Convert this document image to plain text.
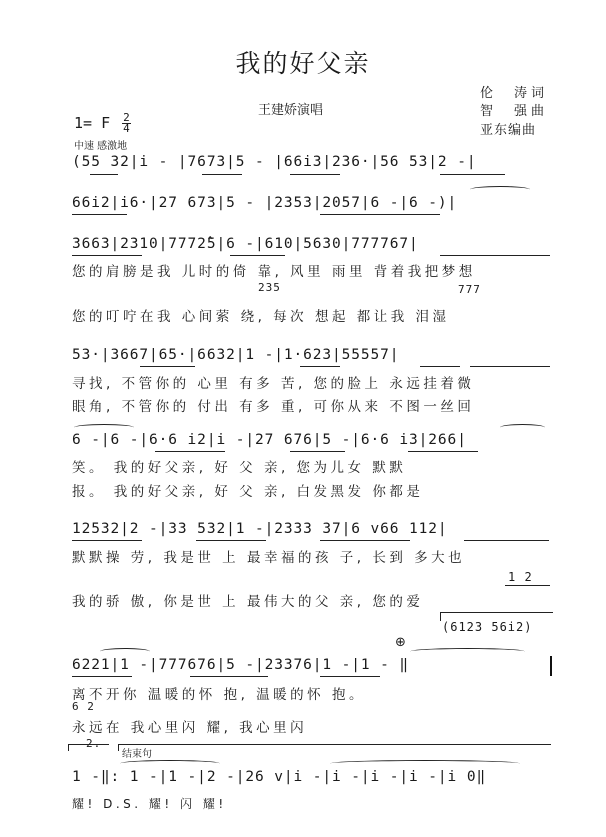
我的好父亲
伦　涛词
智　强曲
亚东编曲
王建娇演唱
1= F $\frac{2}{4}$
中速 感激地
(55 32|i - |7673|5 - |66i3|236·|56 53|2 -|
66i2|i6·|27 673|5 - |2353|2057|6 -|6 -)|
3663|2310|7772̂5|6 -|610|5630|777767|
您的肩膀是我 儿时的倚 靠, 风里 雨里 背着我把梦想
235	777
您的叮咛在我 心间萦 绕, 每次 想起 都让我 泪湿
53·|3667|65·|6632|1 -|1·623|55557|
寻找, 不管你的 心里 有多 苦, 您的脸上 永远挂着微
眼角, 不管你的 付出 有多 重, 可你从来 不图一丝回
6 -|6 -|6·6 i2|i -|27 676|5 -|6·6 i3|266|
笑。 我的好父亲, 好 父 亲, 您为儿女 默默
报。 我的好父亲, 好 父 亲, 白发黑发 你都是
12532|2 -|33 532|1 -|2333 37|6 v66 112|
默默操 劳, 我是世 上 最幸福的孩 子, 长到 多大也
1 2
我的骄 傲, 你是世 上 最伟大的父 亲, 您的爱
(6123 56i2)
⊕
6221|1 -|777676|5 -|23376|1 -|1 - ‖
离不开你 温暖的怀 抱, 温暖的怀 抱。
6 2
永远在 我心里闪 耀, 我心里闪
2.
结束句
1 -‖: 1 -|1 -|2 -|26 v|i -|i -|i -|i -|i 0‖
耀! D.S. 耀! 闪 耀!
